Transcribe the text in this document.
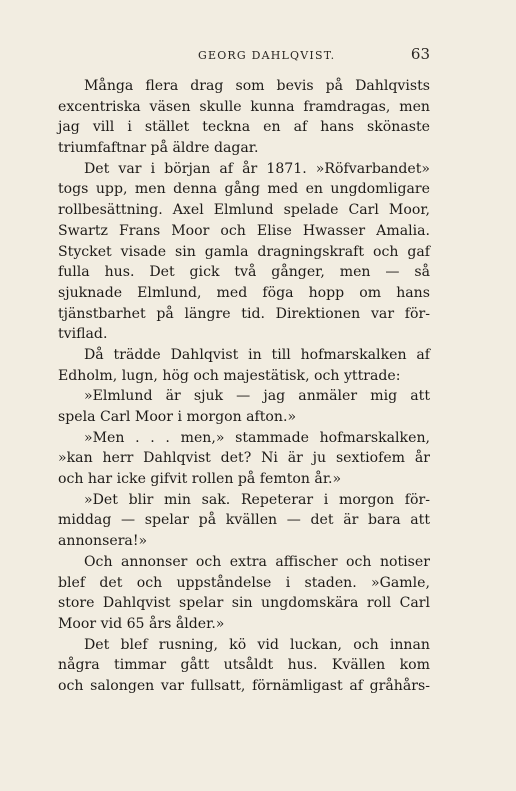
GEORG DAHLQVIST.	63
Många flera drag som bevis på Dahlqvists
excentriska väsen skulle kunna framdragas, men
jag vill i stället teckna en af hans skönaste
triumfaftnar på äldre dagar.
Det var i början af år 1871. »Röfvarbandet»
togs upp, men denna gång med en ungdomligare
rollbesättning. Axel Elmlund spelade Carl Moor,
Swartz Frans Moor och Elise Hwasser Amalia.
Stycket visade sin gamla dragningskraft och gaf
fulla hus. Det gick två gånger, men — så
sjuknade Elmlund, med föga hopp om hans
tjänstbarhet på längre tid. Direktionen var för-
tviflad.
Då trädde Dahlqvist in till hofmarskalken af
Edholm, lugn, hög och majestätisk, och yttrade:
»Elmlund är sjuk — jag anmäler mig att
spela Carl Moor i morgon afton.»
»Men . . . men,» stammade hofmarskalken,
»kan herr Dahlqvist det? Ni är ju sextiofem år
och har icke gifvit rollen på femton år.»
»Det blir min sak. Repeterar i morgon för-
middag — spelar på kvällen — det är bara att
annonsera!»
Och annonser och extra affischer och notiser
blef det och uppståndelse i staden. »Gamle,
store Dahlqvist spelar sin ungdomskära roll Carl
Moor vid 65 års ålder.»
Det blef rusning, kö vid luckan, och innan
några timmar gått utsåldt hus. Kvällen kom
och salongen var fullsatt, förnämligast af gråhårs-
